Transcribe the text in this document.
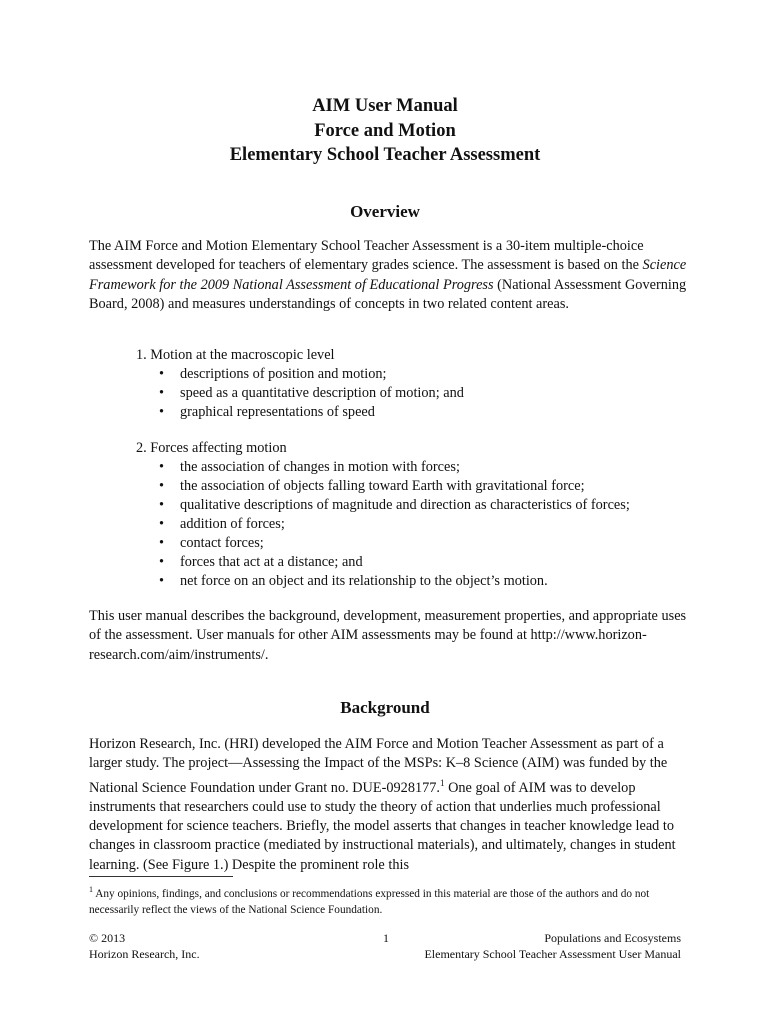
AIM User Manual
Force and Motion
Elementary School Teacher Assessment
Overview

The AIM Force and Motion Elementary School Teacher Assessment is a 30-item multiple-choice assessment developed for teachers of elementary grades science. The assessment is based on the Science Framework for the 2009 National Assessment of Educational Progress (National Assessment Governing Board, 2008) and measures understandings of concepts in two related content areas.

1. Motion at the macroscopic level
• descriptions of position and motion;
• speed as a quantitative description of motion; and
• graphical representations of speed
2. Forces affecting motion
• the association of changes in motion with forces;
• the association of objects falling toward Earth with gravitational force;
• qualitative descriptions of magnitude and direction as characteristics of forces;
• addition of forces;
• contact forces;
• forces that act at a distance; and
• net force on an object and its relationship to the object’s motion.

This user manual describes the background, development, measurement properties, and appropriate uses of the assessment. User manuals for other AIM assessments may be found at http://www.horizon-research.com/aim/instruments/.

Background

Horizon Research, Inc. (HRI) developed the AIM Force and Motion Teacher Assessment as part of a larger study. The project—Assessing the Impact of the MSPs: K–8 Science (AIM) was funded by the National Science Foundation under Grant no. DUE-0928177.$^1$ One goal of AIM was to develop instruments that researchers could use to study the theory of action that underlies much professional development for science teachers. Briefly, the model asserts that changes in teacher knowledge lead to changes in classroom practice (mediated by instructional materials), and ultimately, changes in student learning. (See Figure 1.) Despite the prominent role this

$^1$ Any opinions, findings, and conclusions or recommendations expressed in this material are those of the authors and do not necessarily reflect the views of the National Science Foundation.
© 2013
Horizon Research, Inc.
1	Populations and Ecosystems
Elementary School Teacher Assessment User Manual
